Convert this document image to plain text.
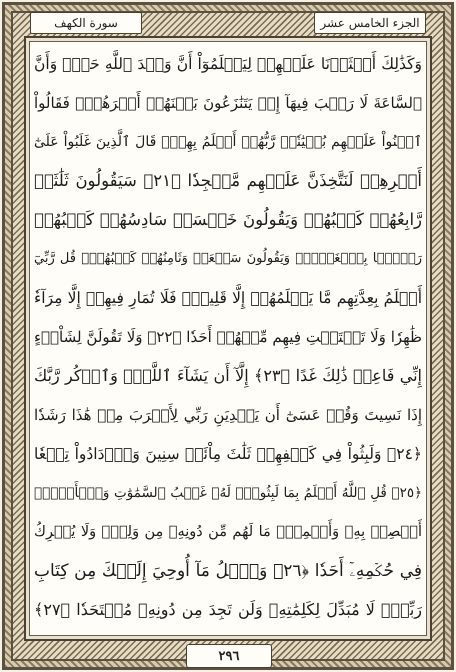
سورة الكهف	الجزء الخامس عشر
وَكَذَٰلِكَ أَعۡثَرۡنَا عَلَيۡهِمۡ لِيَعۡلَمُوٓاْ أَنَّ وَعۡدَ ٱللَّهِ حَقّٞ وَأَنَّ
ٱلسَّاعَةَ لَا رَيۡبَ فِيهَآ إِذۡ يَتَنَٰزَعُونَ بَيۡنَهُمۡ أَمۡرَهُمۡۖ فَقَالُواْ
ٱبۡنُواْ عَلَيۡهِم بُنۡيَٰنٗاۖ رَّبُّهُمۡ أَعۡلَمُ بِهِمۡۚ قَالَ ٱلَّذِينَ غَلَبُواْ عَلَىٰٓ
أَمۡرِهِمۡ لَنَتَّخِذَنَّ عَلَيۡهِم مَّسۡجِدٗا ﴿٢١﴾ سَيَقُولُونَ ثَلَٰثَةٞ
رَّابِعُهُمۡ كَلۡبُهُمۡ وَيَقُولُونَ خَمۡسَةٞ سَادِسُهُمۡ كَلۡبُهُمۡ
رَجۡمَۢا بِٱلۡغَيۡبِۖ وَيَقُولُونَ سَبۡعَةٞ وَثَامِنُهُمۡ كَلۡبُهُمۡۚ قُل رَّبِّيٓ
أَعۡلَمُ بِعِدَّتِهِم مَّا يَعۡلَمُهُمۡ إِلَّا قَلِيلٞۗ فَلَا تُمَارِ فِيهِمۡ إِلَّا مِرَآءٗ
ظَٰهِرٗا وَلَا تَسۡتَفۡتِ فِيهِم مِّنۡهُمۡ أَحَدٗا ﴿٢٢﴾ وَلَا تَقُولَنَّ لِشَاْيۡءٍ
إِنِّي فَاعِلٞ ذَٰلِكَ غَدًا ﴿٢٣﴾ إِلَّآ أَن يَشَآءَ ٱللَّهُۚ وَٱذۡكُر رَّبَّكَ
إِذَا نَسِيتَ وَقُلۡ عَسَىٰٓ أَن يَهۡدِيَنِ رَبِّي لِأَقۡرَبَ مِنۡ هَٰذَا رَشَدٗا
﴿٢٤﴾ وَلَبِثُواْ فِي كَهۡفِهِمۡ ثَلَٰثَ مِاْئَةٖ سِنِينَ وَٱزۡدَادُواْ تِسۡعٗا
﴿٢٥﴾ قُلِ ٱللَّهُ أَعۡلَمُ بِمَا لَبِثُواْۖ لَهُۥ غَيۡبُ ٱلسَّمَٰوَٰتِ وَٱلۡأَرۡضِۖ
أَبۡصِرۡ بِهِۦ وَأَسۡمِعۡۚ مَا لَهُم مِّن دُونِهِۦ مِن وَلِيّٖ وَلَا يُشۡرِكُ
فِي حُكۡمِهِۦٓ أَحَدٗا ﴿٢٦﴾ وَٱتۡلُ مَآ أُوحِيَ إِلَيۡكَ مِن كِتَابِ
رَبِّكَۖ لَا مُبَدِّلَ لِكَلِمَٰتِهِۦ وَلَن تَجِدَ مِن دُونِهِۦ مُلۡتَحَدٗا ﴿٢٧﴾
٢٩٦
